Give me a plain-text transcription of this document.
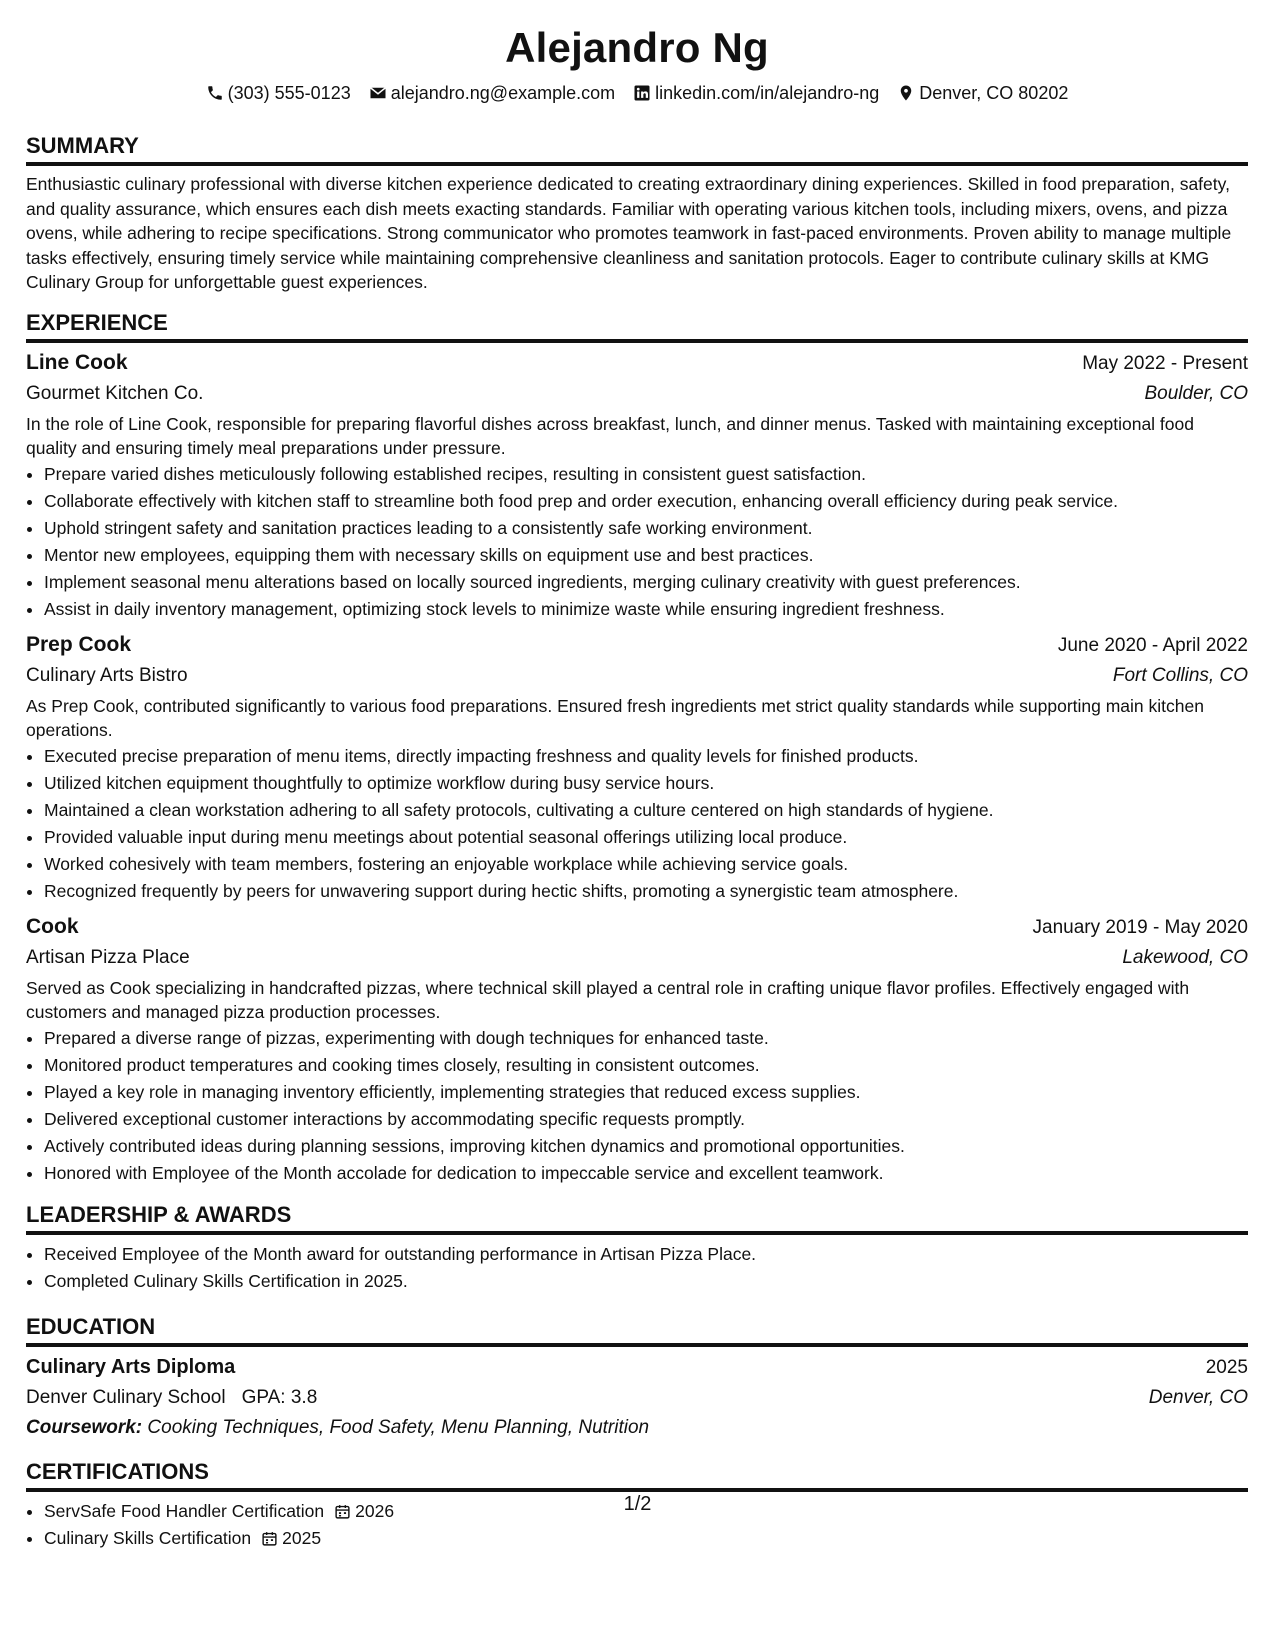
Alejandro Ng
(303) 555-0123 alejandro.ng@example.com linkedin.com/in/alejandro-ng Denver, CO 80202
SUMMARY

Enthusiastic culinary professional with diverse kitchen experience dedicated to creating extraordinary dining experiences. Skilled in food preparation, safety, and quality assurance, which ensures each dish meets exacting standards. Familiar with operating various kitchen tools, including mixers, ovens, and pizza ovens, while adhering to recipe specifications. Strong communicator who promotes teamwork in fast-paced environments. Proven ability to manage multiple tasks effectively, ensuring timely service while maintaining comprehensive cleanliness and sanitation protocols. Eager to contribute culinary skills at KMG Culinary Group for unforgettable guest experiences.

EXPERIENCE
Line Cook	May 2022 - Present
Gourmet Kitchen Co.	Boulder, CO

In the role of Line Cook, responsible for preparing flavorful dishes across breakfast, lunch, and dinner menus. Tasked with maintaining exceptional food quality and ensuring timely meal preparations under pressure.

• Prepare varied dishes meticulously following established recipes, resulting in consistent guest satisfaction.
• Collaborate effectively with kitchen staff to streamline both food prep and order execution, enhancing overall efficiency during peak service.
• Uphold stringent safety and sanitation practices leading to a consistently safe working environment.
• Mentor new employees, equipping them with necessary skills on equipment use and best practices.
• Implement seasonal menu alterations based on locally sourced ingredients, merging culinary creativity with guest preferences.
• Assist in daily inventory management, optimizing stock levels to minimize waste while ensuring ingredient freshness.
Prep Cook	June 2020 - April 2022
Culinary Arts Bistro	Fort Collins, CO

As Prep Cook, contributed significantly to various food preparations. Ensured fresh ingredients met strict quality standards while supporting main kitchen operations.

• Executed precise preparation of menu items, directly impacting freshness and quality levels for finished products.
• Utilized kitchen equipment thoughtfully to optimize workflow during busy service hours.
• Maintained a clean workstation adhering to all safety protocols, cultivating a culture centered on high standards of hygiene.
• Provided valuable input during menu meetings about potential seasonal offerings utilizing local produce.
• Worked cohesively with team members, fostering an enjoyable workplace while achieving service goals.
• Recognized frequently by peers for unwavering support during hectic shifts, promoting a synergistic team atmosphere.
Cook	January 2019 - May 2020
Artisan Pizza Place	Lakewood, CO

Served as Cook specializing in handcrafted pizzas, where technical skill played a central role in crafting unique flavor profiles. Effectively engaged with customers and managed pizza production processes.

• Prepared a diverse range of pizzas, experimenting with dough techniques for enhanced taste.
• Monitored product temperatures and cooking times closely, resulting in consistent outcomes.
• Played a key role in managing inventory efficiently, implementing strategies that reduced excess supplies.
• Delivered exceptional customer interactions by accommodating specific requests promptly.
• Actively contributed ideas during planning sessions, improving kitchen dynamics and promotional opportunities.
• Honored with Employee of the Month accolade for dedication to impeccable service and excellent teamwork.
LEADERSHIP & AWARDS
• Received Employee of the Month award for outstanding performance in Artisan Pizza Place.
• Completed Culinary Skills Certification in 2025.
EDUCATION
Culinary Arts Diploma	2025
Denver Culinary School GPA: 3.8	Denver, CO
Coursework: Cooking Techniques, Food Safety, Menu Planning, Nutrition
CERTIFICATIONS
• ServSafe Food Handler Certification 2026
• Culinary Skills Certification 2025
1/2
